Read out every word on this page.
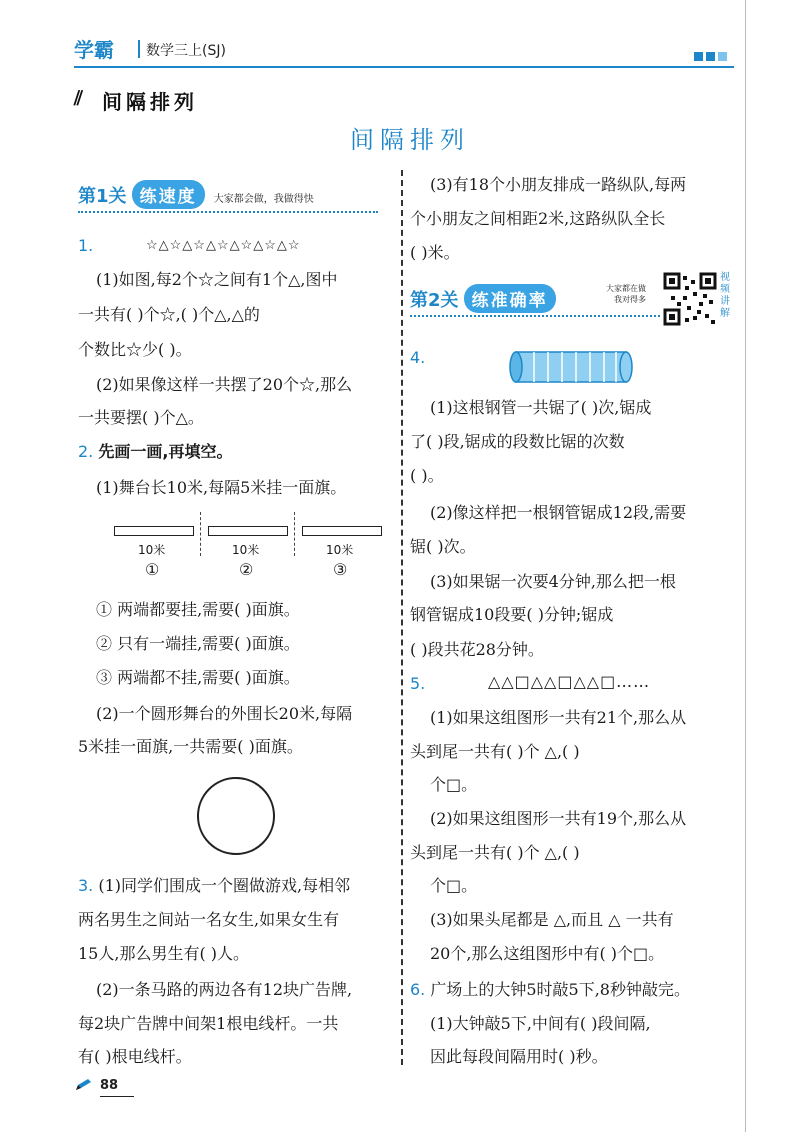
学霸 数学三上(SJ)
⫽ 间隔排列
间隔排列
第1关 练速度 大家都会做，我做得快
1.	☆△☆△☆△☆△☆△☆△☆
(1)如图,每2个☆之间有1个△,图中
一共有( )个☆,( )个△,△的
个数比☆少( )。
(2)如果像这样一共摆了20个☆,那么
一共要摆( )个△。
2. 先画一画,再填空。
(1)舞台长10米,每隔5米挂一面旗。
10米
①
10米
②
10米
③
① 两端都要挂,需要( )面旗。
② 只有一端挂,需要( )面旗。
③ 两端都不挂,需要( )面旗。
(2)一个圆形舞台的外围长20米,每隔
5米挂一面旗,一共需要( )面旗。
3. (1)同学们围成一个圈做游戏,每相邻
两名男生之间站一名女生,如果女生有
15人,那么男生有( )人。
(2)一条马路的两边各有12块广告牌,
每2块广告牌中间架1根电线杆。一共
有( )根电线杆。
88
(3)有18个小朋友排成一路纵队,每两
个小朋友之间相距2米,这路纵队全长
( )米。
第2关 练准确率
大家都在做
我对得多
视频讲解
4.
(1)这根钢管一共锯了( )次,锯成
了( )段,锯成的段数比锯的次数
( )。
(2)像这样把一根钢管锯成12段,需要
锯( )次。
(3)如果锯一次要4分钟,那么把一根
钢管锯成10段要( )分钟;锯成
( )段共花28分钟。
5.	△△□△△□△△□……
(1)如果这组图形一共有21个,那么从
头到尾一共有( )个 △,( )
个□。
(2)如果这组图形一共有19个,那么从
头到尾一共有( )个 △,( )
个□。
(3)如果头尾都是 △,而且 △ 一共有
20个,那么这组图形中有( )个□。
6. 广场上的大钟5时敲5下,8秒钟敲完。
(1)大钟敲5下,中间有( )段间隔,
因此每段间隔用时( )秒。
